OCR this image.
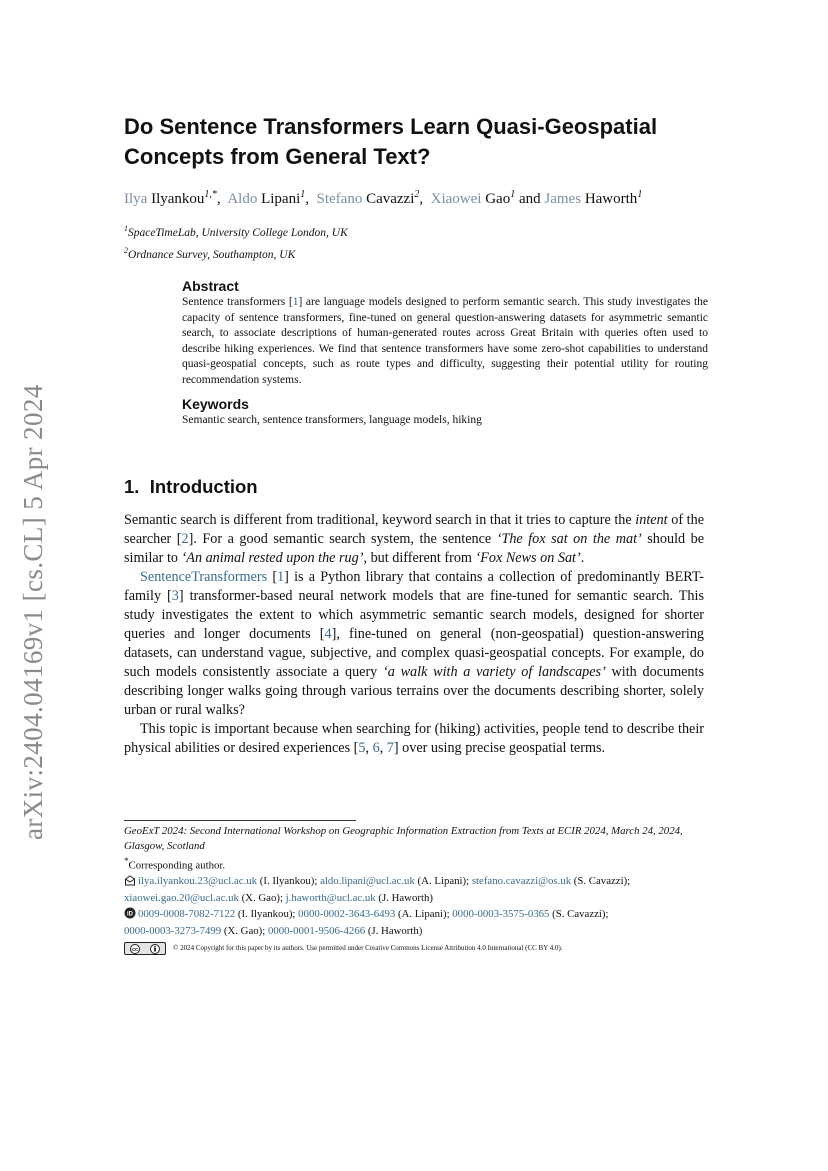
arXiv:2404.04169v1 [cs.CL] 5 Apr 2024
Do Sentence Transformers Learn Quasi-Geospatial Concepts from General Text?
Ilya Ilyankou$^{1,*}$,  Aldo Lipani$^1$,  Stefano Cavazzi$^2$,  Xiaowei Gao$^1$ and James Haworth$^1$
$^1$SpaceTimeLab, University College London, UK
$^2$Ordnance Survey, Southampton, UK
Abstract

Sentence transformers [1] are language models designed to perform semantic search. This study investigates the capacity of sentence transformers, fine-tuned on general question-answering datasets for asymmetric semantic search, to associate descriptions of human-generated routes across Great Britain with queries often used to describe hiking experiences. We find that sentence transformers have some zero-shot capabilities to understand quasi-geospatial concepts, such as route types and difficulty, suggesting their potential utility for routing recommendation systems.

Keywords

Semantic search, sentence transformers, language models, hiking

1. Introduction

Semantic search is different from traditional, keyword search in that it tries to capture the intent of the searcher [2]. For a good semantic search system, the sentence ‘The fox sat on the mat’ should be similar to ‘An animal rested upon the rug’, but different from ‘Fox News on Sat’.

SentenceTransformers [1] is a Python library that contains a collection of predominantly BERT-family [3] transformer-based neural network models that are fine-tuned for semantic search. This study investigates the extent to which asymmetric semantic search models, designed for shorter queries and longer documents [4], fine-tuned on general (non-geospatial) question-answering datasets, can understand vague, subjective, and complex quasi-geospatial concepts. For example, do such models consistently associate a query ‘a walk with a variety of landscapes’ with documents describing longer walks going through various terrains over the documents describing shorter, solely urban or rural walks?

This topic is important because when searching for (hiking) activities, people tend to describe their physical abilities or desired experiences [5, 6, 7] over using precise geospatial terms.

GeoExT 2024: Second International Workshop on Geographic Information Extraction from Texts at ECIR 2024, March 24, 2024, Glasgow, Scotland

*Corresponding author.

ilya.ilyankou.23@ucl.ac.uk (I. Ilyankou); aldo.lipani@ucl.ac.uk (A. Lipani); stefano.cavazzi@os.uk (S. Cavazzi);
xiaowei.gao.20@ucl.ac.uk (X. Gao); j.haworth@ucl.ac.uk (J. Haworth)

iD 0009-0008-7082-7122 (I. Ilyankou); 0000-0002-3643-6493 (A. Lipani); 0000-0003-3575-0365 (S. Cavazzi);
0000-0003-3273-7499 (X. Gao); 0000-0001-9506-4266 (J. Haworth)

cc	© 2024 Copyright for this paper by its authors. Use permitted under Creative Commons License Attribution 4.0 International (CC BY 4.0).
